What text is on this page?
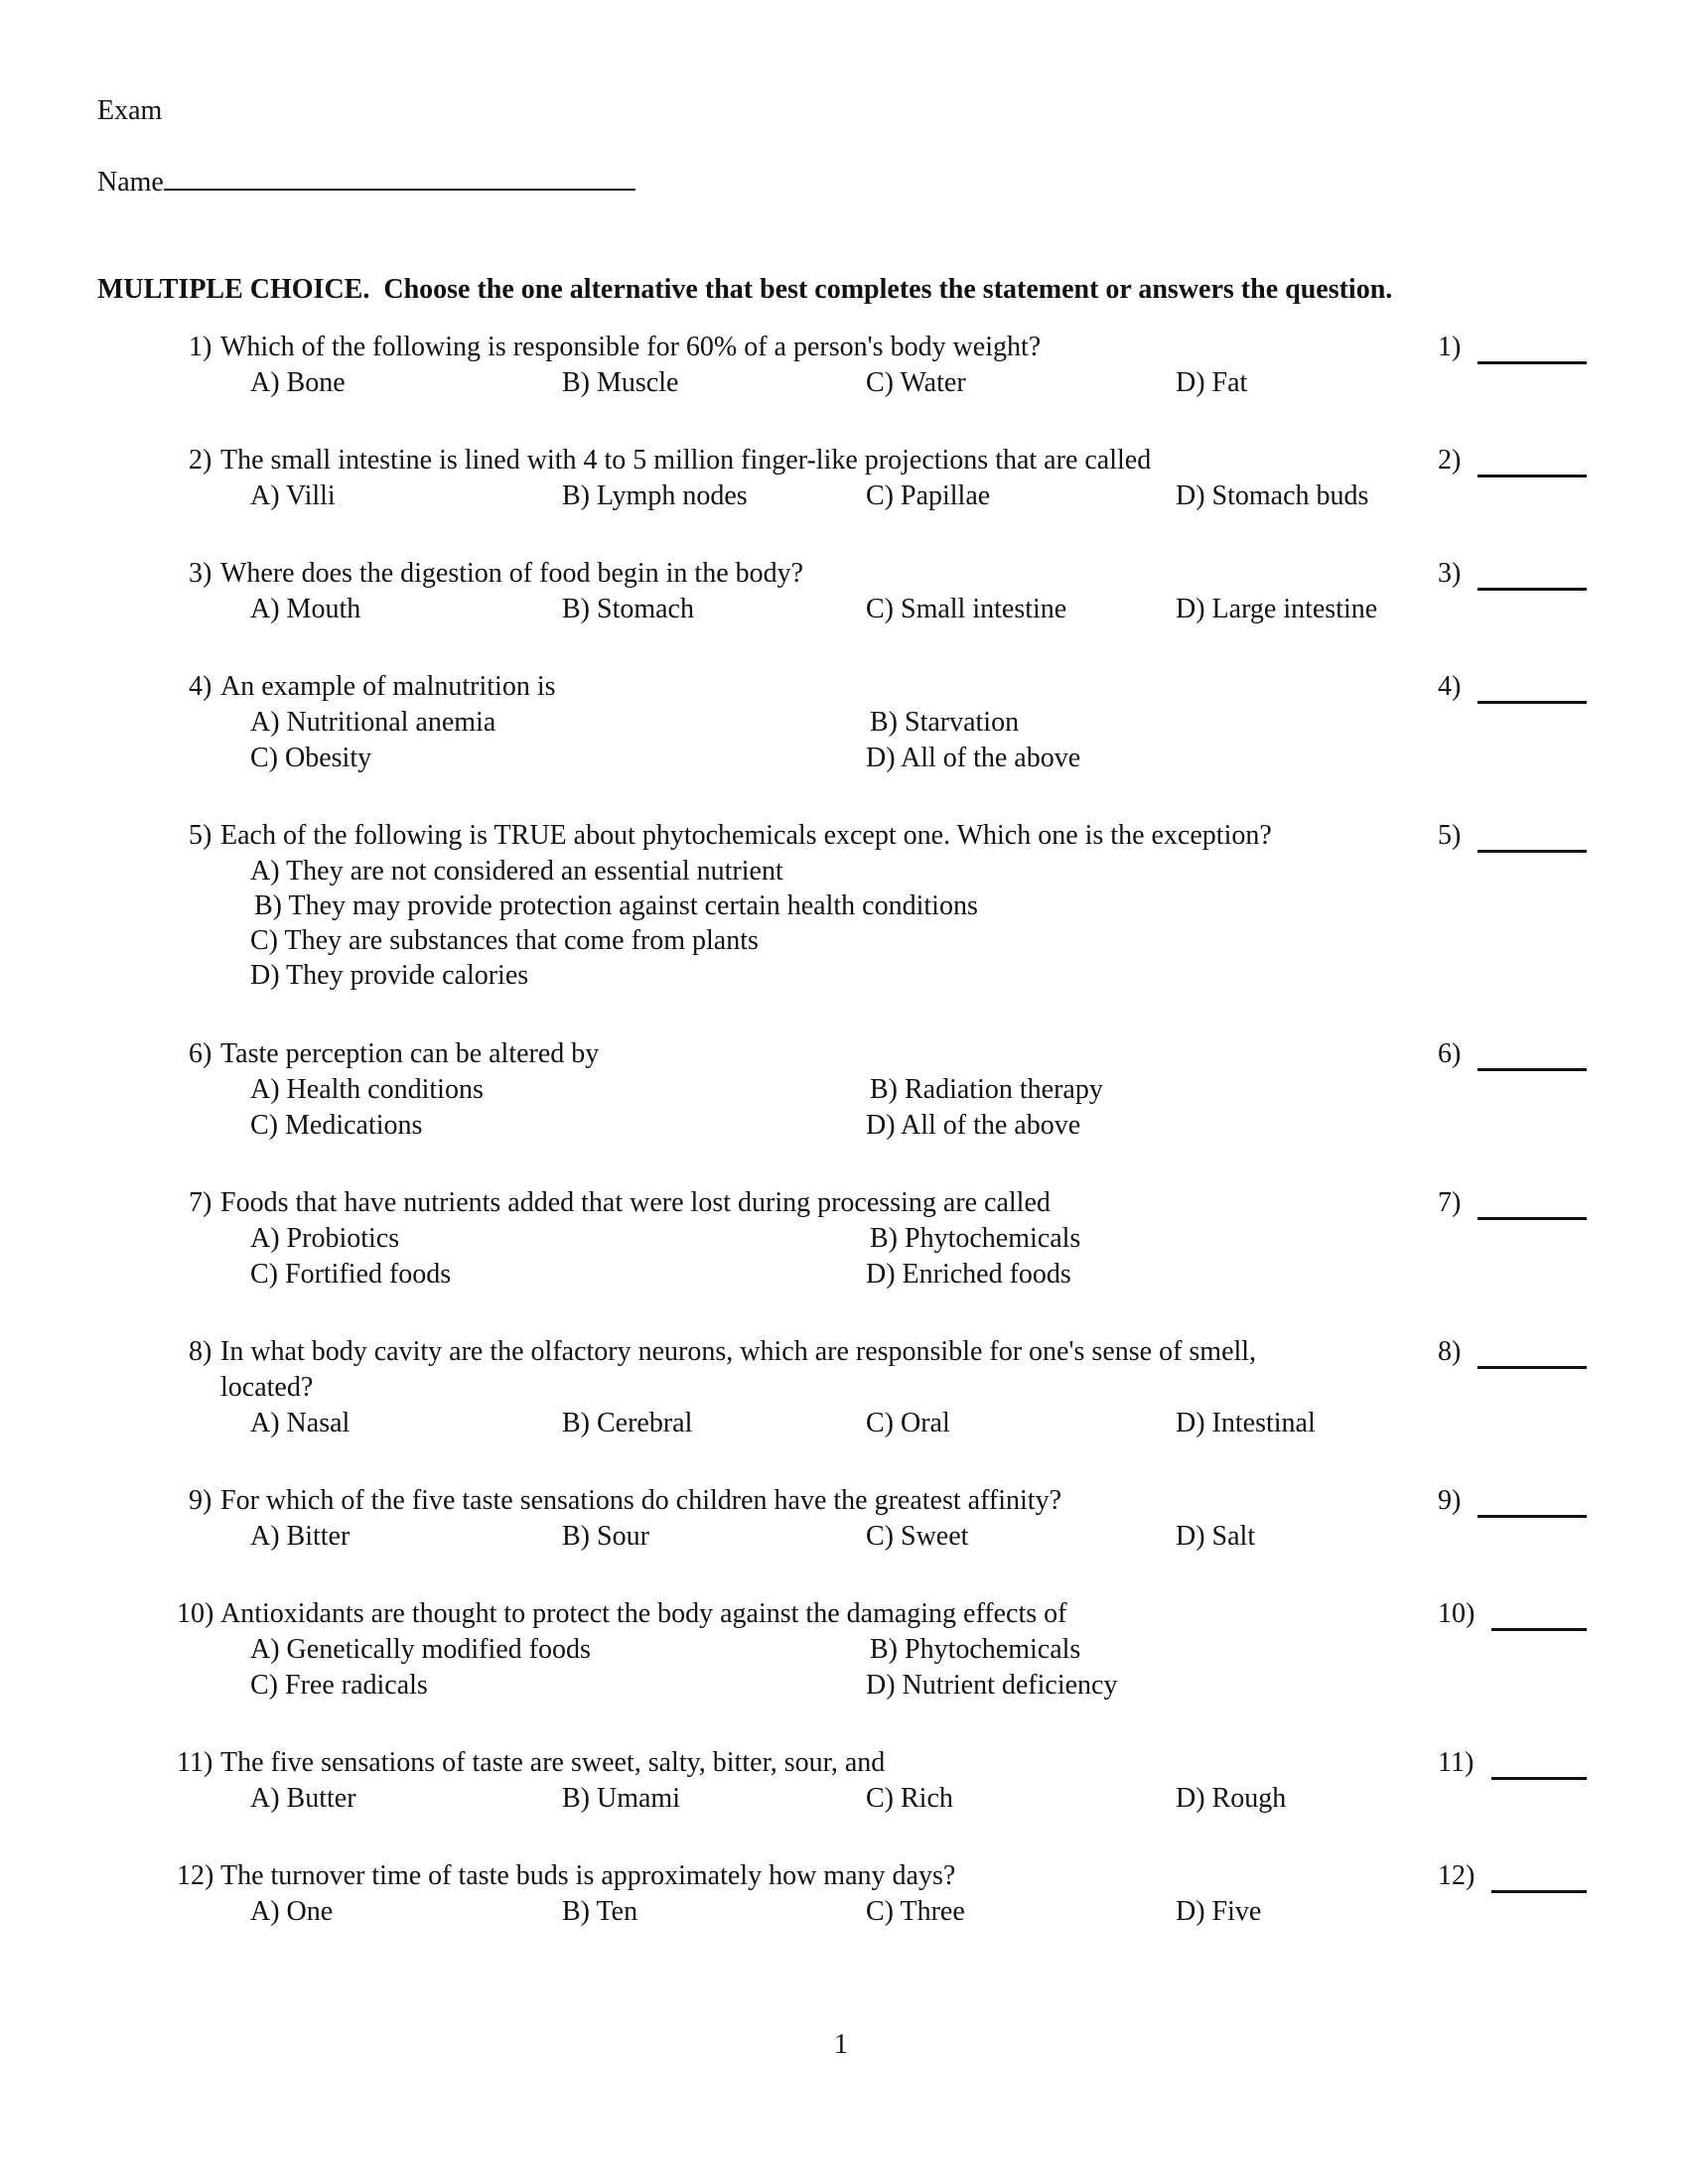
Exam
Name
MULTIPLE CHOICE. Choose the one alternative that best completes the statement or answers the question.
1) Which of the following is responsible for 60% of a person's body weight?
A) Bone	B) Muscle	C) Water	D) Fat
1)
2) The small intestine is lined with 4 to 5 million finger-like projections that are called
A) Villi	B) Lymph nodes	C) Papillae	D) Stomach buds
2)
3) Where does the digestion of food begin in the body?
A) Mouth	B) Stomach	C) Small intestine	D) Large intestine
3)
4) An example of malnutrition is
A) Nutritional anemia	B) Starvation
C) Obesity	D) All of the above
4)
5) Each of the following is TRUE about phytochemicals except one. Which one is the exception?
A) They are not considered an essential nutrient
B) They may provide protection against certain health conditions
C) They are substances that come from plants
D) They provide calories
5)
6) Taste perception can be altered by
A) Health conditions	B) Radiation therapy
C) Medications	D) All of the above
6)
7) Foods that have nutrients added that were lost during processing are called
A) Probiotics	B) Phytochemicals
C) Fortified foods	D) Enriched foods
7)
8) In what body cavity are the olfactory neurons, which are responsible for one's sense of smell,
located?
A) Nasal	B) Cerebral	C) Oral	D) Intestinal
8)
9) For which of the five taste sensations do children have the greatest affinity?
A) Bitter	B) Sour	C) Sweet	D) Salt
9)
10) Antioxidants are thought to protect the body against the damaging effects of
A) Genetically modified foods	B) Phytochemicals
C) Free radicals	D) Nutrient deficiency
10)
11) The five sensations of taste are sweet, salty, bitter, sour, and
A) Butter	B) Umami	C) Rich	D) Rough
11)
12) The turnover time of taste buds is approximately how many days?
A) One	B) Ten	C) Three	D) Five
12)
1
